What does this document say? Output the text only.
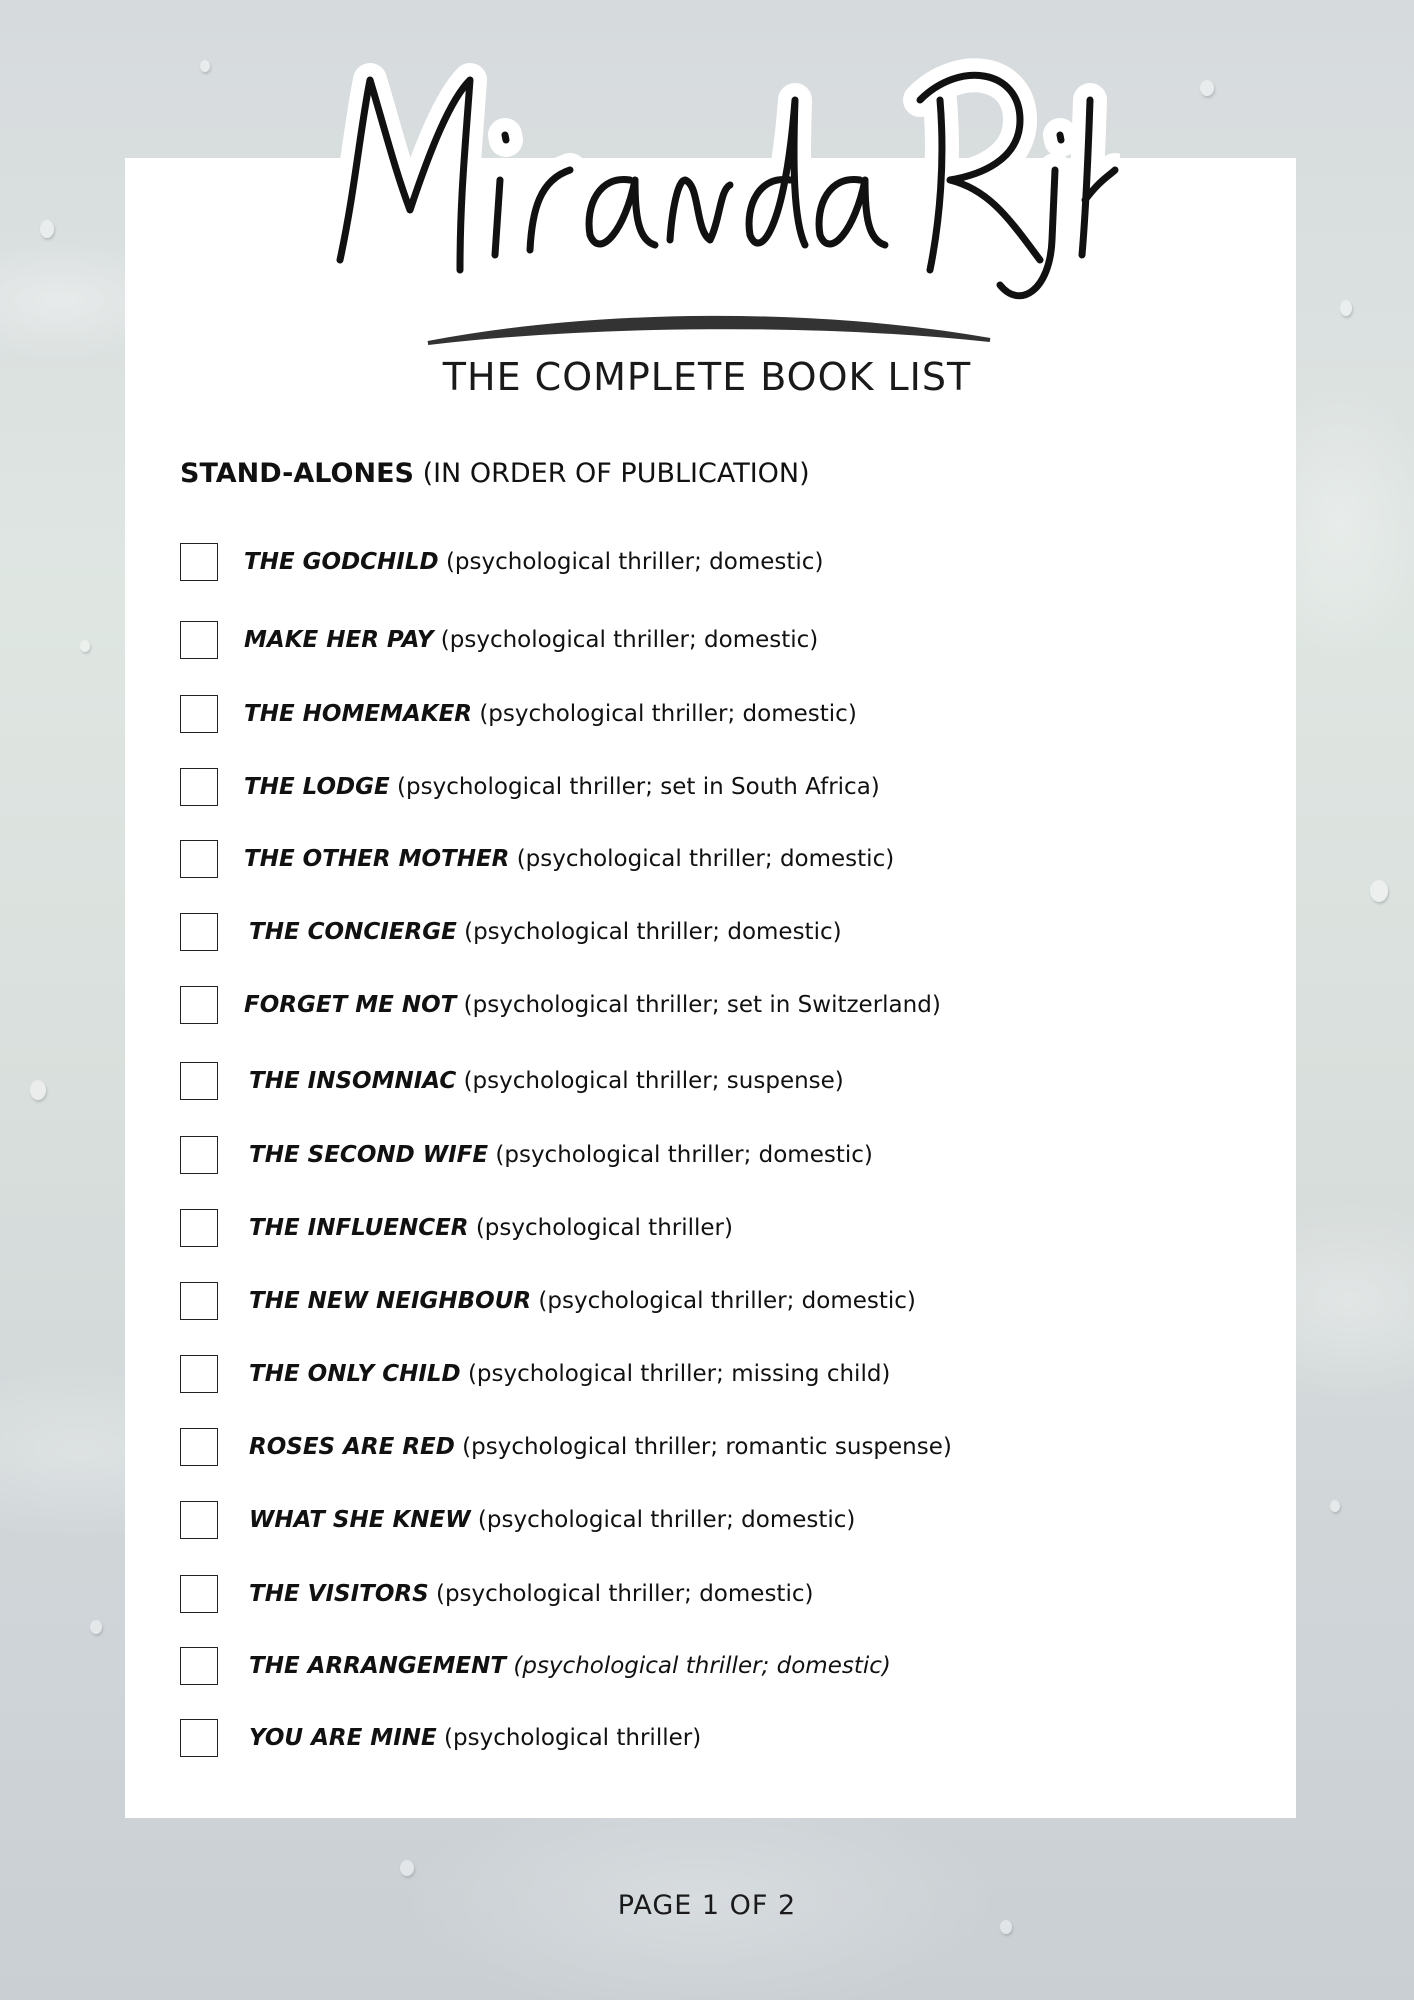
THE COMPLETE BOOK LIST
STAND-ALONES (IN ORDER OF PUBLICATION)
THE GODCHILD (psychological thriller; domestic)
MAKE HER PAY (psychological thriller; domestic)
THE HOMEMAKER (psychological thriller; domestic)
THE LODGE (psychological thriller; set in South Africa)
THE OTHER MOTHER (psychological thriller; domestic)
THE CONCIERGE (psychological thriller; domestic)
FORGET ME NOT (psychological thriller; set in Switzerland)
THE INSOMNIAC (psychological thriller; suspense)
THE SECOND WIFE (psychological thriller; domestic)
THE INFLUENCER (psychological thriller)
THE NEW NEIGHBOUR (psychological thriller; domestic)
THE ONLY CHILD (psychological thriller; missing child)
ROSES ARE RED (psychological thriller; romantic suspense)
WHAT SHE KNEW (psychological thriller; domestic)
THE VISITORS (psychological thriller; domestic)
THE ARRANGEMENT (psychological thriller; domestic)
YOU ARE MINE (psychological thriller)
PAGE 1 OF 2
